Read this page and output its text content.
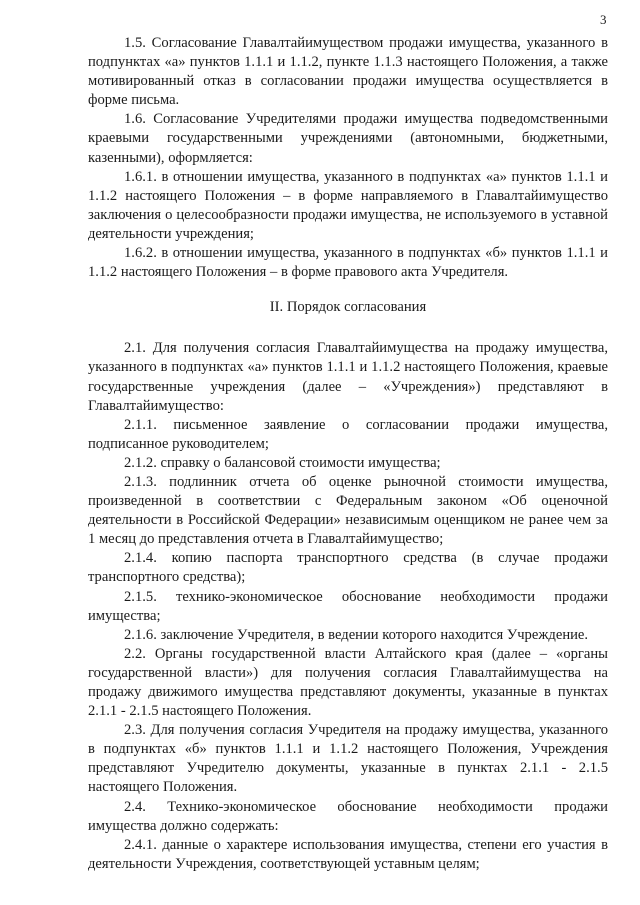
3

1.5. Согласование Главалтайимуществом продажи имущества, указанного в подпунктах «а» пунктов 1.1.1 и 1.1.2, пункте 1.1.3 настоящего Положения, а также мотивированный отказ в согласовании продажи имущества осуществляется в форме письма.

1.6. Согласование Учредителями продажи имущества подведомственными краевыми государственными учреждениями (автономными, бюджетными, казенными), оформляется:

1.6.1. в отношении имущества, указанного в подпунктах «а» пунктов 1.1.1 и 1.1.2 настоящего Положения – в форме направляемого в Главалтайимущество заключения о целесообразности продажи имущества, не используемого в уставной деятельности учреждения;

1.6.2. в отношении имущества, указанного в подпунктах «б» пунктов 1.1.1 и 1.1.2 настоящего Положения – в форме правового акта Учредителя.

II. Порядок согласования

2.1. Для получения согласия Главалтайимущества на продажу имущества, указанного в подпунктах «а» пунктов 1.1.1 и 1.1.2 настоящего Положения, краевые государственные учреждения (далее – «Учреждения») представляют в Главалтайимущество:

2.1.1. письменное заявление о согласовании продажи имущества, подписанное руководителем;

2.1.2. справку о балансовой стоимости имущества;

2.1.3. подлинник отчета об оценке рыночной стоимости имущества, произведенной в соответствии с Федеральным законом «Об оценочной деятельности в Российской Федерации» независимым оценщиком не ранее чем за 1 месяц до представления отчета в Главалтайимущество;

2.1.4. копию паспорта транспортного средства (в случае продажи транспортного средства);

2.1.5. технико-экономическое обоснование необходимости продажи имущества;

2.1.6. заключение Учредителя, в ведении которого находится Учреждение.

2.2. Органы государственной власти Алтайского края (далее – «органы государственной власти») для получения согласия Главалтайимущества на продажу движимого имущества представляют документы, указанные в пунктах 2.1.1 - 2.1.5 настоящего Положения.

2.3. Для получения согласия Учредителя на продажу имущества, указанного в подпунктах «б» пунктов 1.1.1 и 1.1.2 настоящего Положения, Учреждения представляют Учредителю документы, указанные в пунктах 2.1.1 - 2.1.5 настоящего Положения.

2.4. Технико-экономическое обоснование необходимости продажи имущества должно содержать:

2.4.1. данные о характере использования имущества, степени его участия в деятельности Учреждения, соответствующей уставным целям;
